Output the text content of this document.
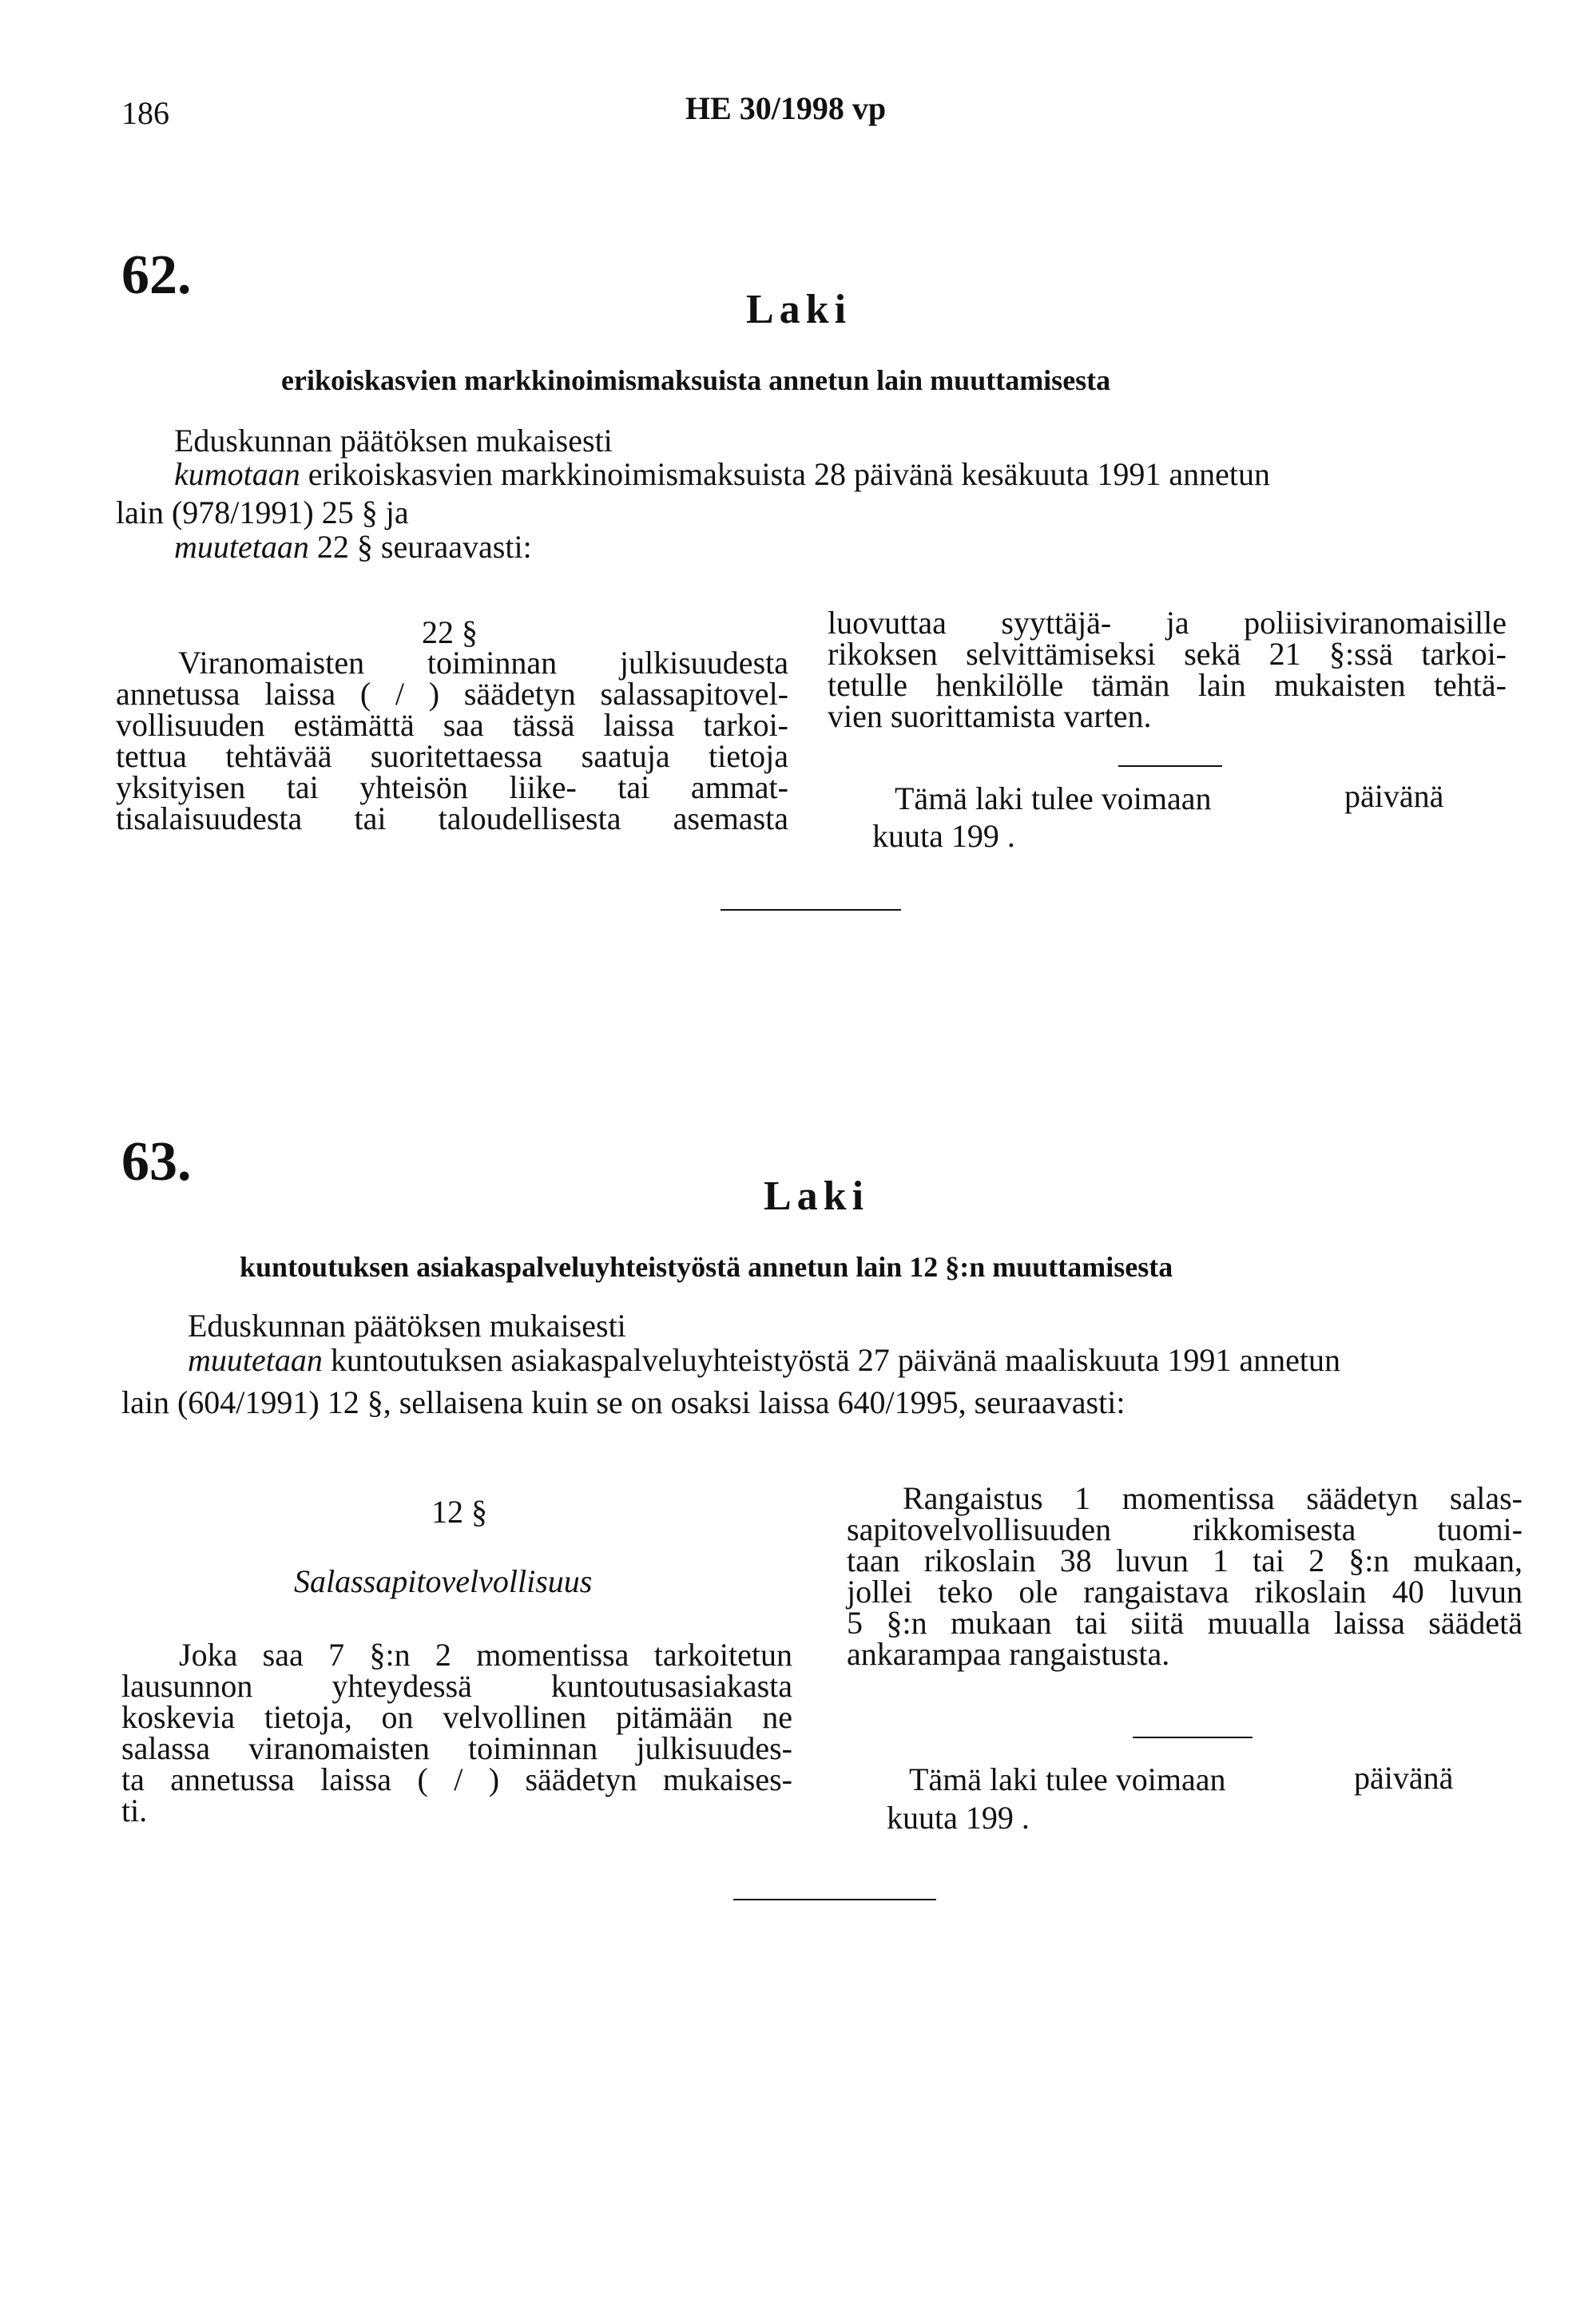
186	HE 30/1998 vp
62.
Laki
erikoiskasvien markkinoimismaksuista annetun lain muuttamisesta
Eduskunnan päätöksen mukaisesti
kumotaan erikoiskasvien markkinoimismaksuista 28 päivänä kesäkuuta 1991 annetun
lain (978/1991) 25 § ja
muutetaan 22 § seuraavasti:
22 §
Viranomaisten toiminnan julkisuudesta
annetussa laissa ( / ) säädetyn salassapitovel-
vollisuuden estämättä saa tässä laissa tarkoi-
tettua tehtävää suoritettaessa saatuja tietoja
yksityisen tai yhteisön liike- tai ammat-
tisalaisuudesta tai taloudellisesta asemasta
luovuttaa syyttäjä- ja poliisiviranomaisille
rikoksen selvittämiseksi sekä 21 §:ssä tarkoi-
tetulle henkilölle tämän lain mukaisten tehtä-
vien suorittamista varten.
Tämä laki tulee voimaan	päivänä
kuuta 199 .
63.
Laki
kuntoutuksen asiakaspalveluyhteistyöstä annetun lain 12 §:n muuttamisesta
Eduskunnan päätöksen mukaisesti
muutetaan kuntoutuksen asiakaspalveluyhteistyöstä 27 päivänä maaliskuuta 1991 annetun
lain (604/1991) 12 §, sellaisena kuin se on osaksi laissa 640/1995, seuraavasti:
12 §
Salassapitovelvollisuus
Joka saa 7 §:n 2 momentissa tarkoitetun
lausunnon yhteydessä kuntoutusasiakasta
koskevia tietoja, on velvollinen pitämään ne
salassa viranomaisten toiminnan julkisuudes-
ta annetussa laissa ( / ) säädetyn mukaises-
ti.
Rangaistus 1 momentissa säädetyn salas-
sapitovelvollisuuden rikkomisesta tuomi-
taan rikoslain 38 luvun 1 tai 2 §:n mukaan,
jollei teko ole rangaistava rikoslain 40 luvun
5 §:n mukaan tai siitä muualla laissa säädetä
ankarampaa rangaistusta.
Tämä laki tulee voimaan	päivänä
kuuta 199 .
